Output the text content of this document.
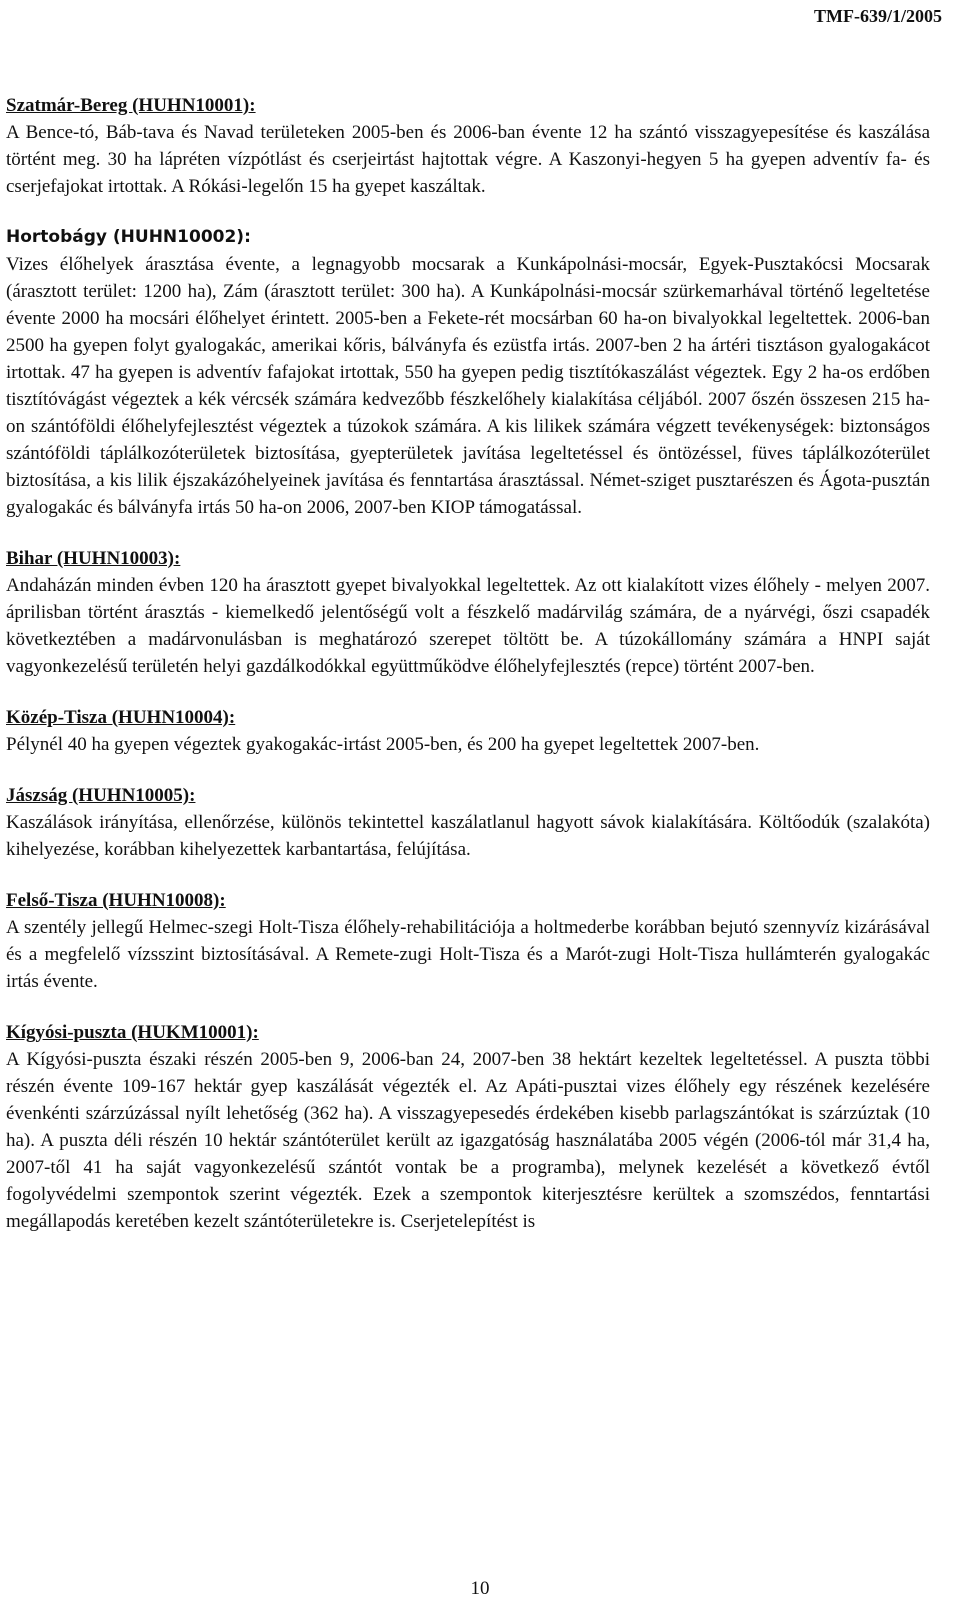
TMF-639/1/2005
Szatmár-Bereg (HUHN10001):
A Bence-tó, Báb-tava és Navad területeken 2005-ben és 2006-ban évente 12 ha szántó visszagyepesítése és kaszálása történt meg. 30 ha lápréten vízpótlást és cserjeirtást hajtottak végre. A Kaszonyi-hegyen 5 ha gyepen adventív fa- és cserjefajokat irtottak. A Rókási-legelőn 15 ha gyepet kaszáltak.
Hortobágy (HUHN10002):
Vizes élőhelyek árasztása évente, a legnagyobb mocsarak a Kunkápolnási-mocsár, Egyek-Pusztakócsi Mocsarak (árasztott terület: 1200 ha), Zám (árasztott terület: 300 ha). A Kunkápolnási-mocsár szürkemarhával történő legeltetése évente 2000 ha mocsári élőhelyet érintett. 2005-ben a Fekete-rét mocsárban 60 ha-on bivalyokkal legeltettek. 2006-ban 2500 ha gyepen folyt gyalogakác, amerikai kőris, bálványfa és ezüstfa irtás. 2007-ben 2 ha ártéri tisztáson gyalogakácot irtottak. 47 ha gyepen is adventív fafajokat irtottak, 550 ha gyepen pedig tisztítókaszálást végeztek. Egy 2 ha-os erdőben tisztítóvágást végeztek a kék vércsék számára kedvezőbb fészkelőhely kialakítása céljából. 2007 őszén összesen 215 ha-on szántóföldi élőhelyfejlesztést végeztek a túzokok számára. A kis lilikek számára végzett tevékenységek: biztonságos szántóföldi táplálkozóterületek biztosítása, gyepterületek javítása legeltetéssel és öntözéssel, füves táplálkozóterület biztosítása, a kis lilik éjszakázóhelyeinek javítása és fenntartása árasztással. Német-sziget pusztarészen és Ágota-pusztán gyalogakác és bálványfa irtás 50 ha-on 2006, 2007-ben KIOP támogatással.
Bihar (HUHN10003):
Andaházán minden évben 120 ha árasztott gyepet bivalyokkal legeltettek. Az ott kialakított vizes élőhely - melyen 2007. áprilisban történt árasztás - kiemelkedő jelentőségű volt a fészkelő madárvilág számára, de a nyárvégi, őszi csapadék következtében a madárvonulásban is meghatározó szerepet töltött be. A túzokállomány számára a HNPI saját vagyonkezelésű területén helyi gazdálkodókkal együttműködve élőhelyfejlesztés (repce) történt 2007-ben.
Közép-Tisza (HUHN10004):
Pélynél 40 ha gyepen végeztek gyakogakác-irtást 2005-ben, és 200 ha gyepet legeltettek 2007-ben.
Jászság (HUHN10005):
Kaszálások irányítása, ellenőrzése, különös tekintettel kaszálatlanul hagyott sávok kialakítására. Költőodúk (szalakóta) kihelyezése, korábban kihelyezettek karbantartása, felújítása.
Felső-Tisza (HUHN10008):
A szentély jellegű Helmec-szegi Holt-Tisza élőhely-rehabilitációja a holtmederbe korábban bejutó szennyvíz kizárásával és a megfelelő vízsszint biztosításával. A Remete-zugi Holt-Tisza és a Marót-zugi Holt-Tisza hullámterén gyalogakác irtás évente.
Kígyósi-puszta (HUKM10001):
A Kígyósi-puszta északi részén 2005-ben 9, 2006-ban 24, 2007-ben 38 hektárt kezeltek legeltetéssel. A puszta többi részén évente 109-167 hektár gyep kaszálását végezték el. Az Apáti-pusztai vizes élőhely egy részének kezelésére évenkénti szárzúzással nyílt lehetőség (362 ha). A visszagyepesedés érdekében kisebb parlagszántókat is szárzúztak (10 ha). A puszta déli részén 10 hektár szántóterület került az igazgatóság használatába 2005 végén (2006-tól már 31,4 ha, 2007-től 41 ha saját vagyonkezelésű szántót vontak be a programba), melynek kezelését a következő évtől fogolyvédelmi szempontok szerint végezték. Ezek a szempontok kiterjesztésre kerültek a szomszédos, fenntartási megállapodás keretében kezelt szántóterületekre is. Cserjetelepítést is
10
